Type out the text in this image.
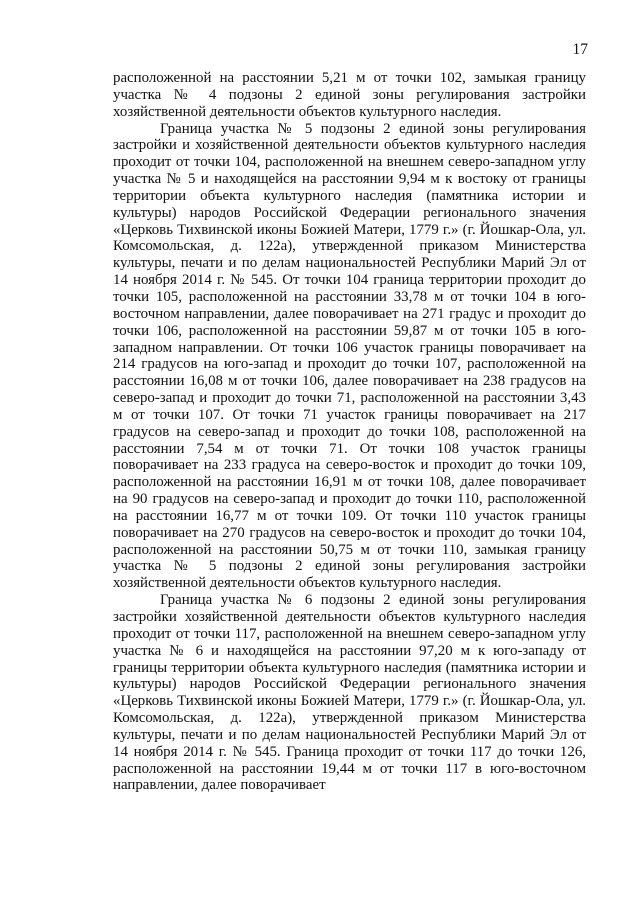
17

расположенной на расстоянии 5,21 м от точки 102, замыкая границу участка № 4 подзоны 2 единой зоны регулирования застройки хозяйственной деятельности объектов культурного наследия.

Граница участка № 5 подзоны 2 единой зоны регулирования застройки и хозяйственной деятельности объектов культурного наследия проходит от точки 104, расположенной на внешнем северо-западном углу участка № 5 и находящейся на расстоянии 9,94 м к востоку от границы территории объекта культурного наследия (памятника истории и культуры) народов Российской Федерации регионального значения «Церковь Тихвинской иконы Божией Матери, 1779 г.» (г. Йошкар-Ола, ул. Комсомольская, д. 122а), утвержденной приказом Министерства культуры, печати и по делам национальностей Республики Марий Эл от 14 ноября 2014 г. № 545. От точки 104 граница территории проходит до точки 105, расположенной на расстоянии 33,78 м от точки 104 в юго-восточном направлении, далее поворачивает на 271 градус и проходит до точки 106, расположенной на расстоянии 59,87 м от точки 105 в юго-западном направлении. От точки 106 участок границы поворачивает на 214 градусов на юго-запад и проходит до точки 107, расположенной на расстоянии 16,08 м от точки 106, далее поворачивает на 238 градусов на северо-запад и проходит до точки 71, расположенной на расстоянии 3,43 м от точки 107. От точки 71 участок границы поворачивает на 217 градусов на северо-запад и проходит до точки 108, расположенной на расстоянии 7,54 м от точки 71. От точки 108 участок границы поворачивает на 233 градуса на северо-восток и проходит до точки 109, расположенной на расстоянии 16,91 м от точки 108, далее поворачивает на 90 градусов на северо-запад и проходит до точки 110, расположенной на расстоянии 16,77 м от точки 109. От точки 110 участок границы поворачивает на 270 градусов на северо-восток и проходит до точки 104, расположенной на расстоянии 50,75 м от точки 110, замыкая границу участка № 5 подзоны 2 единой зоны регулирования застройки хозяйственной деятельности объектов культурного наследия.

Граница участка № 6 подзоны 2 единой зоны регулирования застройки хозяйственной деятельности объектов культурного наследия проходит от точки 117, расположенной на внешнем северо-западном углу участка № 6 и находящейся на расстоянии 97,20 м к юго-западу от границы территории объекта культурного наследия (памятника истории и культуры) народов Российской Федерации регионального значения «Церковь Тихвинской иконы Божией Матери, 1779 г.» (г. Йошкар-Ола, ул. Комсомольская, д. 122а), утвержденной приказом Министерства культуры, печати и по делам национальностей Республики Марий Эл от 14 ноября 2014 г. № 545. Граница проходит от точки 117 до точки 126, расположенной на расстоянии 19,44 м от точки 117 в юго-восточном направлении, далее поворачивает
